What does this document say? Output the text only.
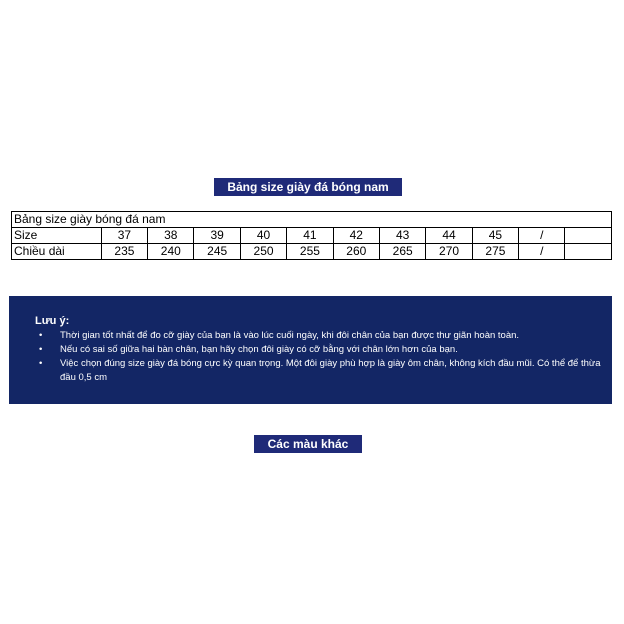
Bảng size giày đá bóng nam
Bảng size giày bóng đá nam											
Size	37	38	39	40	41	42	43	44	45	/	
Chiều dài	235	240	245	250	255	260	265	270	275	/	
Lưu ý:
• Thời gian tốt nhất để đo cỡ giày của bạn là vào lúc cuối ngày, khi đôi chân của bạn được thư giãn hoàn toàn.
• Nếu có sai số giữa hai bàn chân, bạn hãy chọn đôi giày có cỡ bằng với chân lớn hơn của bạn.
• Việc chọn đúng size giày đá bóng cực kỳ quan trọng. Một đôi giày phù hợp là giày ôm chân, không kích đầu mũi. Có thể để thừa đầu 0,5 cm
Các màu khác
